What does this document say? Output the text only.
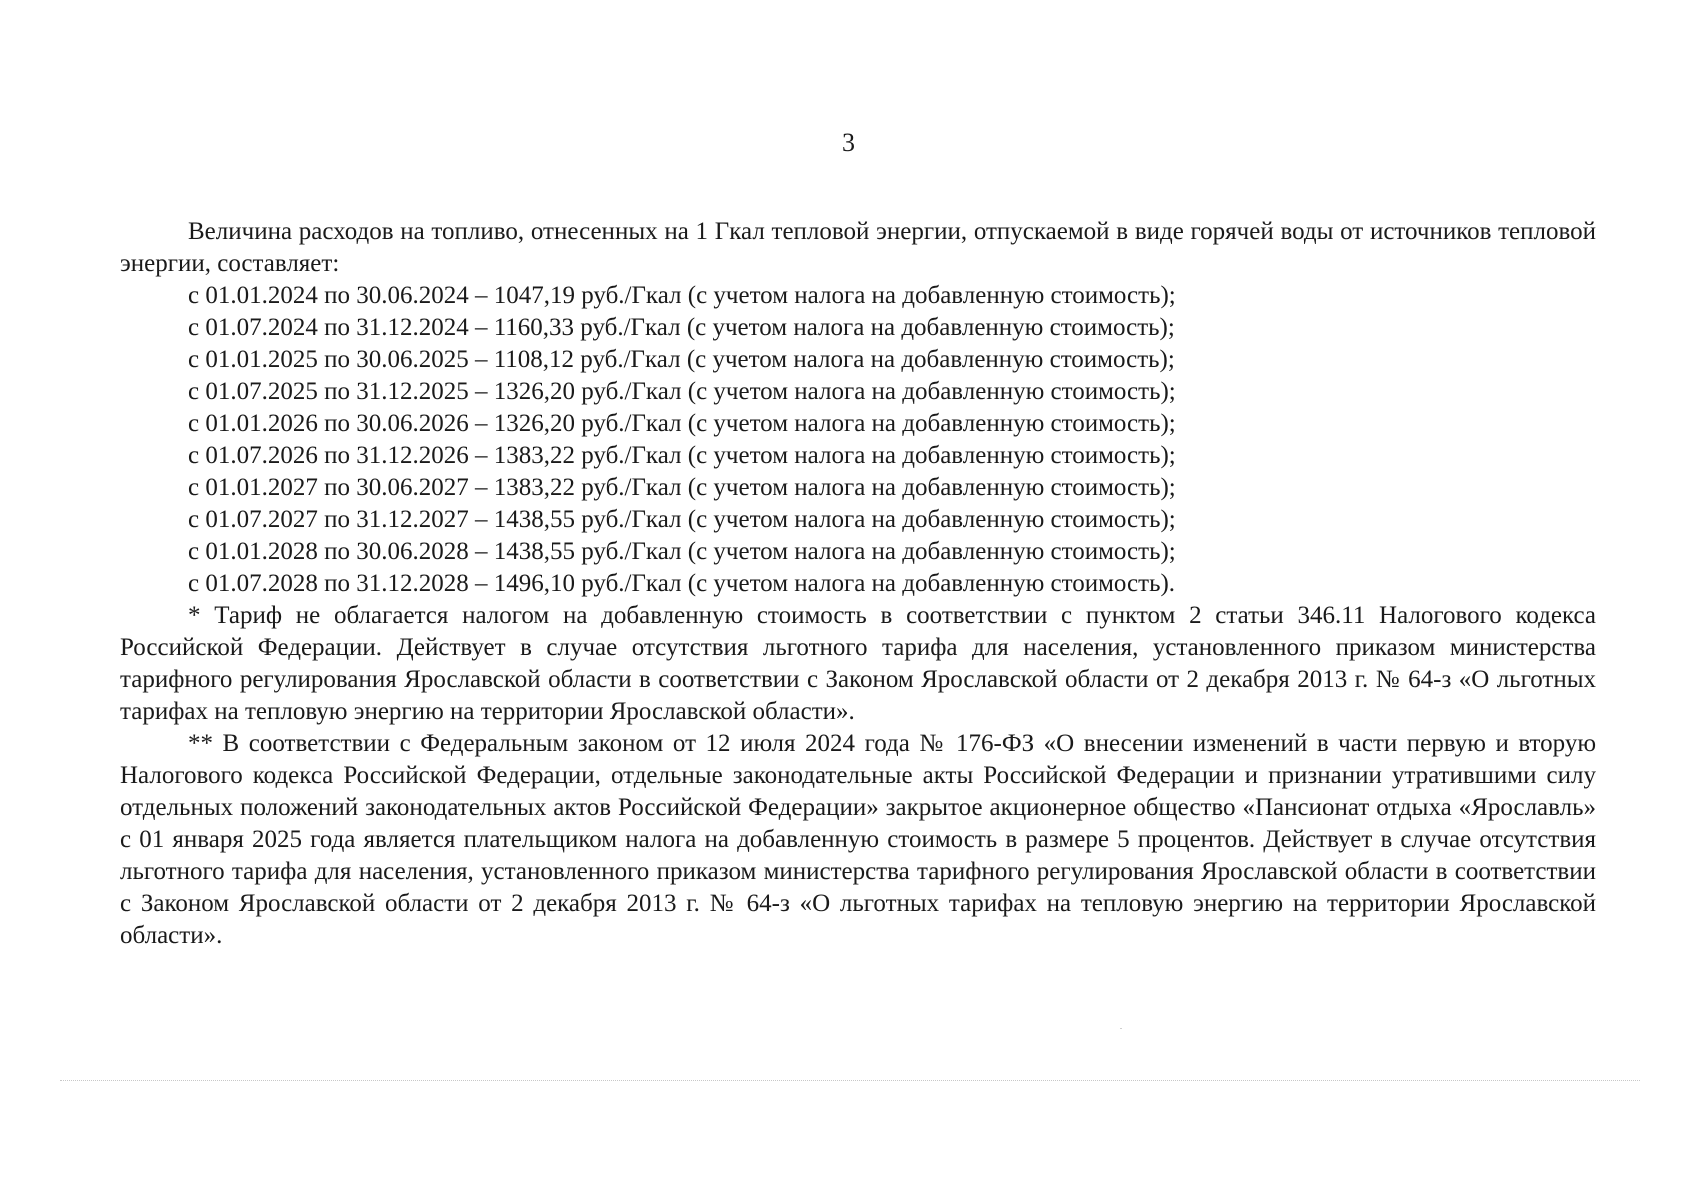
3

Величина расходов на топливо, отнесенных на 1 Гкал тепловой энергии, отпускаемой в виде горячей воды от источников тепловой энергии, составляет:

с 01.01.2024 по 30.06.2024 – 1047,19 руб./Гкал (с учетом налога на добавленную стоимость);
с 01.07.2024 по 31.12.2024 – 1160,33 руб./Гкал (с учетом налога на добавленную стоимость);
с 01.01.2025 по 30.06.2025 – 1108,12 руб./Гкал (с учетом налога на добавленную стоимость);
с 01.07.2025 по 31.12.2025 – 1326,20 руб./Гкал (с учетом налога на добавленную стоимость);
с 01.01.2026 по 30.06.2026 – 1326,20 руб./Гкал (с учетом налога на добавленную стоимость);
с 01.07.2026 по 31.12.2026 – 1383,22 руб./Гкал (с учетом налога на добавленную стоимость);
с 01.01.2027 по 30.06.2027 – 1383,22 руб./Гкал (с учетом налога на добавленную стоимость);
с 01.07.2027 по 31.12.2027 – 1438,55 руб./Гкал (с учетом налога на добавленную стоимость);
с 01.01.2028 по 30.06.2028 – 1438,55 руб./Гкал (с учетом налога на добавленную стоимость);
с 01.07.2028 по 31.12.2028 – 1496,10 руб./Гкал (с учетом налога на добавленную стоимость).

* Тариф не облагается налогом на добавленную стоимость в соответствии с пунктом 2 статьи 346.11 Налогового кодекса Российской Федерации. Действует в случае отсутствия льготного тарифа для населения, установленного приказом министерства тарифного регулирования Ярославской области в соответствии с Законом Ярославской области от 2 декабря 2013 г. № 64-з «О льготных тарифах на тепловую энергию на территории Ярославской области».

** В соответствии с Федеральным законом от 12 июля 2024 года № 176-ФЗ «О внесении изменений в части первую и вторую Налогового кодекса Российской Федерации, отдельные законодательные акты Российской Федерации и признании утратившими силу отдельных положений законодательных актов Российской Федерации» закрытое акционерное общество «Пансионат отдыха «Ярославль» с 01 января 2025 года является плательщиком налога на добавленную стоимость в размере 5 процентов. Действует в случае отсутствия льготного тарифа для населения, установленного приказом министерства тарифного регулирования Ярославской области в соответствии с Законом Ярославской области от 2 декабря 2013 г. № 64-з «О льготных тарифах на тепловую энергию на территории Ярославской области».
